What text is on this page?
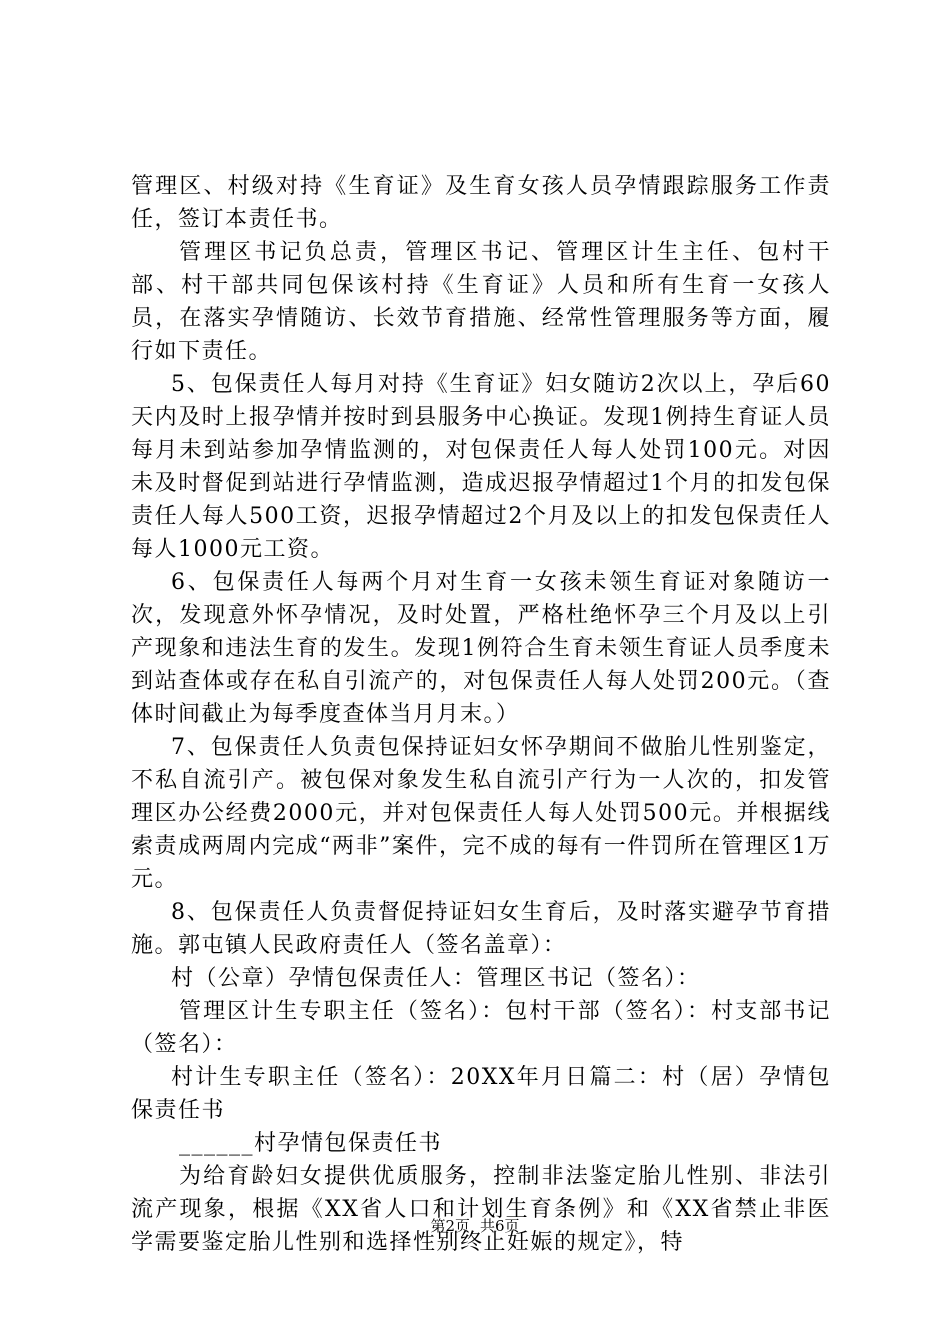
管理区、村级对持《生育证》及生育女孩人员孕情跟踪服务工作责任，签订本责任书。

管理区书记负总责，管理区书记、管理区计生主任、包村干部、村干部共同包保该村持《生育证》人员和所有生育一女孩人员，在落实孕情随访、长效节育措施、经常性管理服务等方面，履行如下责任。

5、包保责任人每月对持《生育证》妇女随访2次以上，孕后60天内及时上报孕情并按时到县服务中心换证。发现1例持生育证人员每月未到站参加孕情监测的，对包保责任人每人处罚100元。对因未及时督促到站进行孕情监测，造成迟报孕情超过1个月的扣发包保责任人每人500工资，迟报孕情超过2个月及以上的扣发包保责任人每人1000元工资。

6、包保责任人每两个月对生育一女孩未领生育证对象随访一次，发现意外怀孕情况，及时处置，严格杜绝怀孕三个月及以上引产现象和违法生育的发生。发现1例符合生育未领生育证人员季度未到站查体或存在私自引流产的，对包保责任人每人处罚200元。（查体时间截止为每季度查体当月月末。）

7、包保责任人负责包保持证妇女怀孕期间不做胎儿性别鉴定，不私自流引产。被包保对象发生私自流引产行为一人次的，扣发管理区办公经费2000元，并对包保责任人每人处罚500元。并根据线索责成两周内完成“两非”案件，完不成的每有一件罚所在管理区1万元。

8、包保责任人负责督促持证妇女生育后，及时落实避孕节育措施。郭屯镇人民政府责任人（签名盖章）：

村（公章）孕情包保责任人：管理区书记（签名）：

管理区计生专职主任（签名）：包村干部（签名）：村支部书记（签名）：

村计生专职主任（签名）：20XX年月日篇二：村（居）孕情包保责任书

______村孕情包保责任书

为给育龄妇女提供优质服务，控制非法鉴定胎儿性别、非法引流产现象，根据《XX省人口和计划生育条例》和《XX省禁止非医学需要鉴定胎儿性别和选择性别终止妊娠的规定》，特

第2页 共6页
